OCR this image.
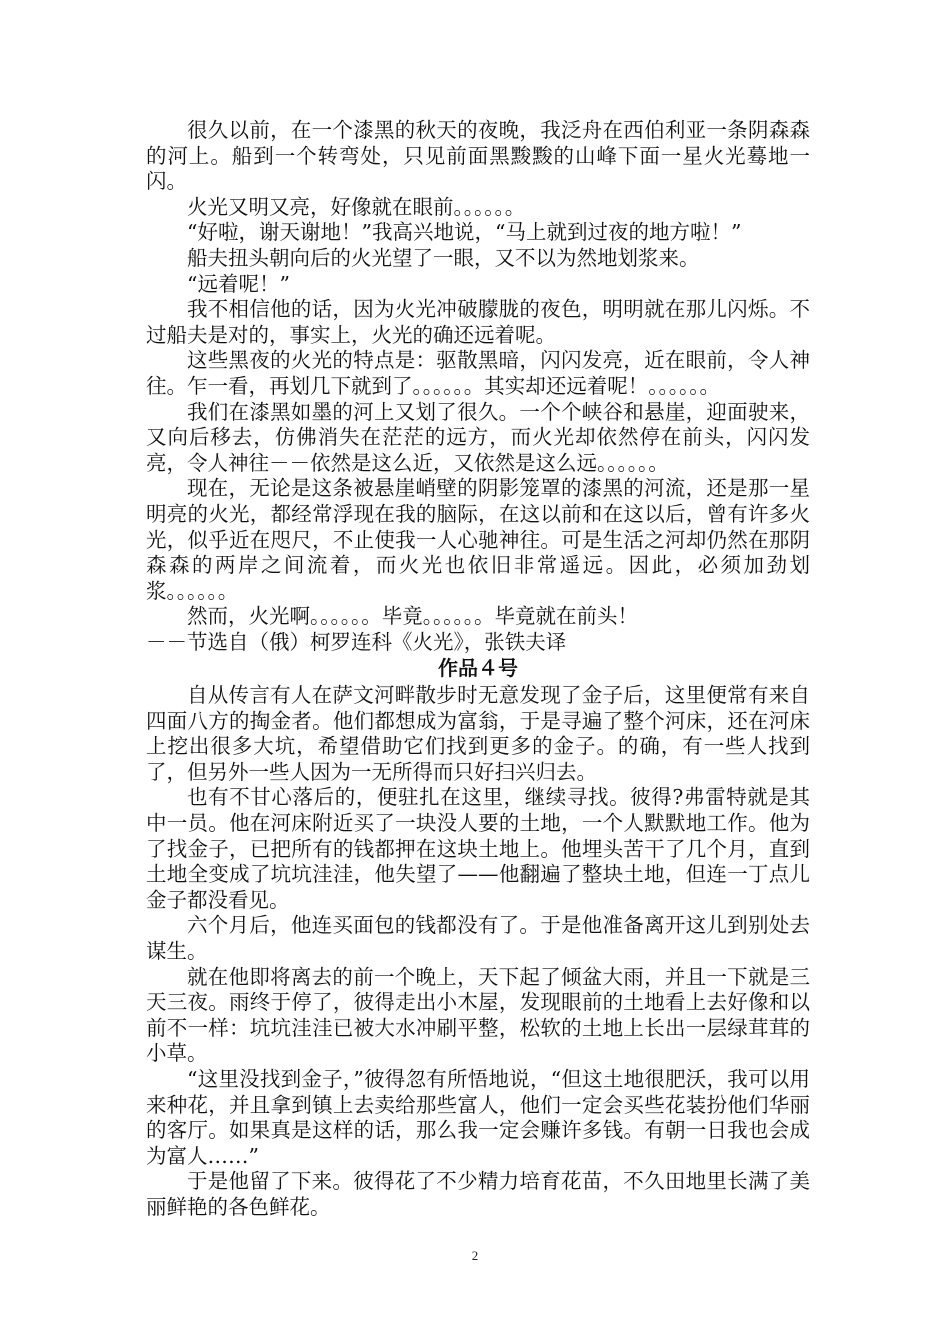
很久以前，在一个漆黑的秋天的夜晚，我泛舟在西伯利亚一条阴森森的河上。船到一个转弯处，只见前面黑黢黢的山峰下面一星火光蓦地一闪。

火光又明又亮，好像就在眼前。。。。。。

“好啦，谢天谢地！”我高兴地说，“马上就到过夜的地方啦！”

船夫扭头朝向后的火光望了一眼，又不以为然地划浆来。

“远着呢！”

我不相信他的话，因为火光冲破朦胧的夜色，明明就在那儿闪烁。不过船夫是对的，事实上，火光的确还远着呢。

这些黑夜的火光的特点是：驱散黑暗，闪闪发亮，近在眼前，令人神往。乍一看，再划几下就到了。。。。。。其实却还远着呢！。。。。。。

我们在漆黑如墨的河上又划了很久。一个个峡谷和悬崖，迎面驶来，又向后移去，仿佛消失在茫茫的远方，而火光却依然停在前头，闪闪发亮，令人神往－－依然是这么近，又依然是这么远。。。。。。

现在，无论是这条被悬崖峭壁的阴影笼罩的漆黑的河流，还是那一星明亮的火光，都经常浮现在我的脑际，在这以前和在这以后，曾有许多火光，似乎近在咫尺，不止使我一人心驰神往。可是生活之河却仍然在那阴森森的两岸之间流着，而火光也依旧非常遥远。因此，必须加劲划浆。。。。。。

然而，火光啊。。。。。。毕竟。。。。。。毕竟就在前头！

－－节选自（俄）柯罗连科《火光》，张铁夫译

作品４号

自从传言有人在萨文河畔散步时无意发现了金子后，这里便常有来自四面八方的掏金者。他们都想成为富翁，于是寻遍了整个河床，还在河床上挖出很多大坑，希望借助它们找到更多的金子。的确，有一些人找到了，但另外一些人因为一无所得而只好扫兴归去。

也有不甘心落后的，便驻扎在这里，继续寻找。彼得?弗雷特就是其中一员。他在河床附近买了一块没人要的土地，一个人默默地工作。他为了找金子，已把所有的钱都押在这块土地上。他埋头苦干了几个月，直到土地全变成了坑坑洼洼，他失望了——他翻遍了整块土地，但连一丁点儿金子都没看见。

六个月后，他连买面包的钱都没有了。于是他准备离开这儿到别处去谋生。

就在他即将离去的前一个晚上，天下起了倾盆大雨，并且一下就是三天三夜。雨终于停了，彼得走出小木屋，发现眼前的土地看上去好像和以前不一样：坑坑洼洼已被大水冲刷平整，松软的土地上长出一层绿茸茸的小草。

“这里没找到金子，”彼得忽有所悟地说，“但这土地很肥沃，我可以用来种花，并且拿到镇上去卖给那些富人，他们一定会买些花装扮他们华丽的客厅。如果真是这样的话，那么我一定会赚许多钱。有朝一日我也会成为富人……”

于是他留了下来。彼得花了不少精力培育花苗，不久田地里长满了美丽鲜艳的各色鲜花。

2
